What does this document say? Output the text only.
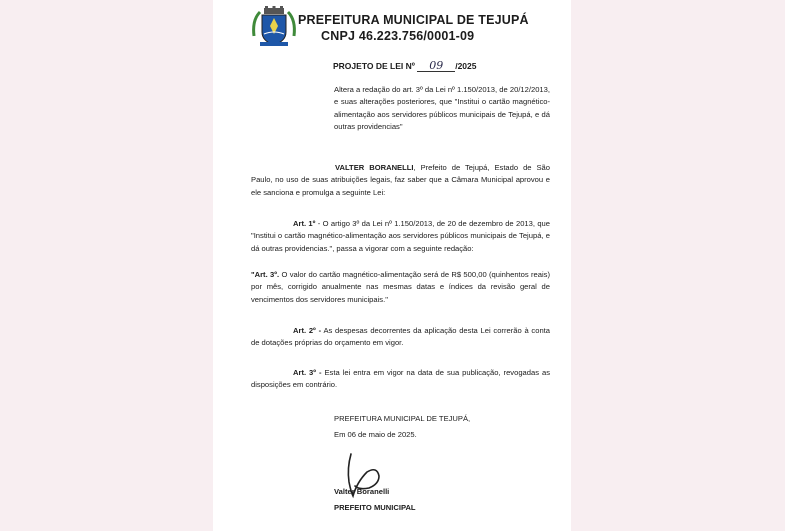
PREFEITURA MUNICIPAL DE TEJUPÁ
CNPJ 46.223.756/0001-09
PROJETO DE LEI Nº 09 /2025
Altera a redação do art. 3º da Lei nº 1.150/2013, de 20/12/2013, e suas alterações posteriores, que "Institui o cartão magnético-alimentação aos servidores públicos municipais de Tejupá, e dá outras providencias"
VALTER BORANELLI, Prefeito de Tejupá, Estado de São Paulo, no uso de suas atribuições legais, faz saber que a Câmara Municipal aprovou e ele sanciona e promulga a seguinte Lei:
Art. 1º - O artigo 3º da Lei nº 1.150/2013, de 20 de dezembro de 2013, que "Institui o cartão magnético-alimentação aos servidores públicos municipais de Tejupá, e dá outras providencias.", passa a vigorar com a seguinte redação:
"Art. 3º. O valor do cartão magnético-alimentação será de R$ 500,00 (quinhentos reais) por mês, corrigido anualmente nas mesmas datas e índices da revisão geral de vencimentos dos servidores municipais."
Art. 2º - As despesas decorrentes da aplicação desta Lei correrão à conta de dotações próprias do orçamento em vigor.
Art. 3º - Esta lei entra em vigor na data de sua publicação, revogadas as disposições em contrário.
PREFEITURA MUNICIPAL DE TEJUPÁ,
Em 06 de maio de 2025.
Valter Boranelli
PREFEITO MUNICIPAL
